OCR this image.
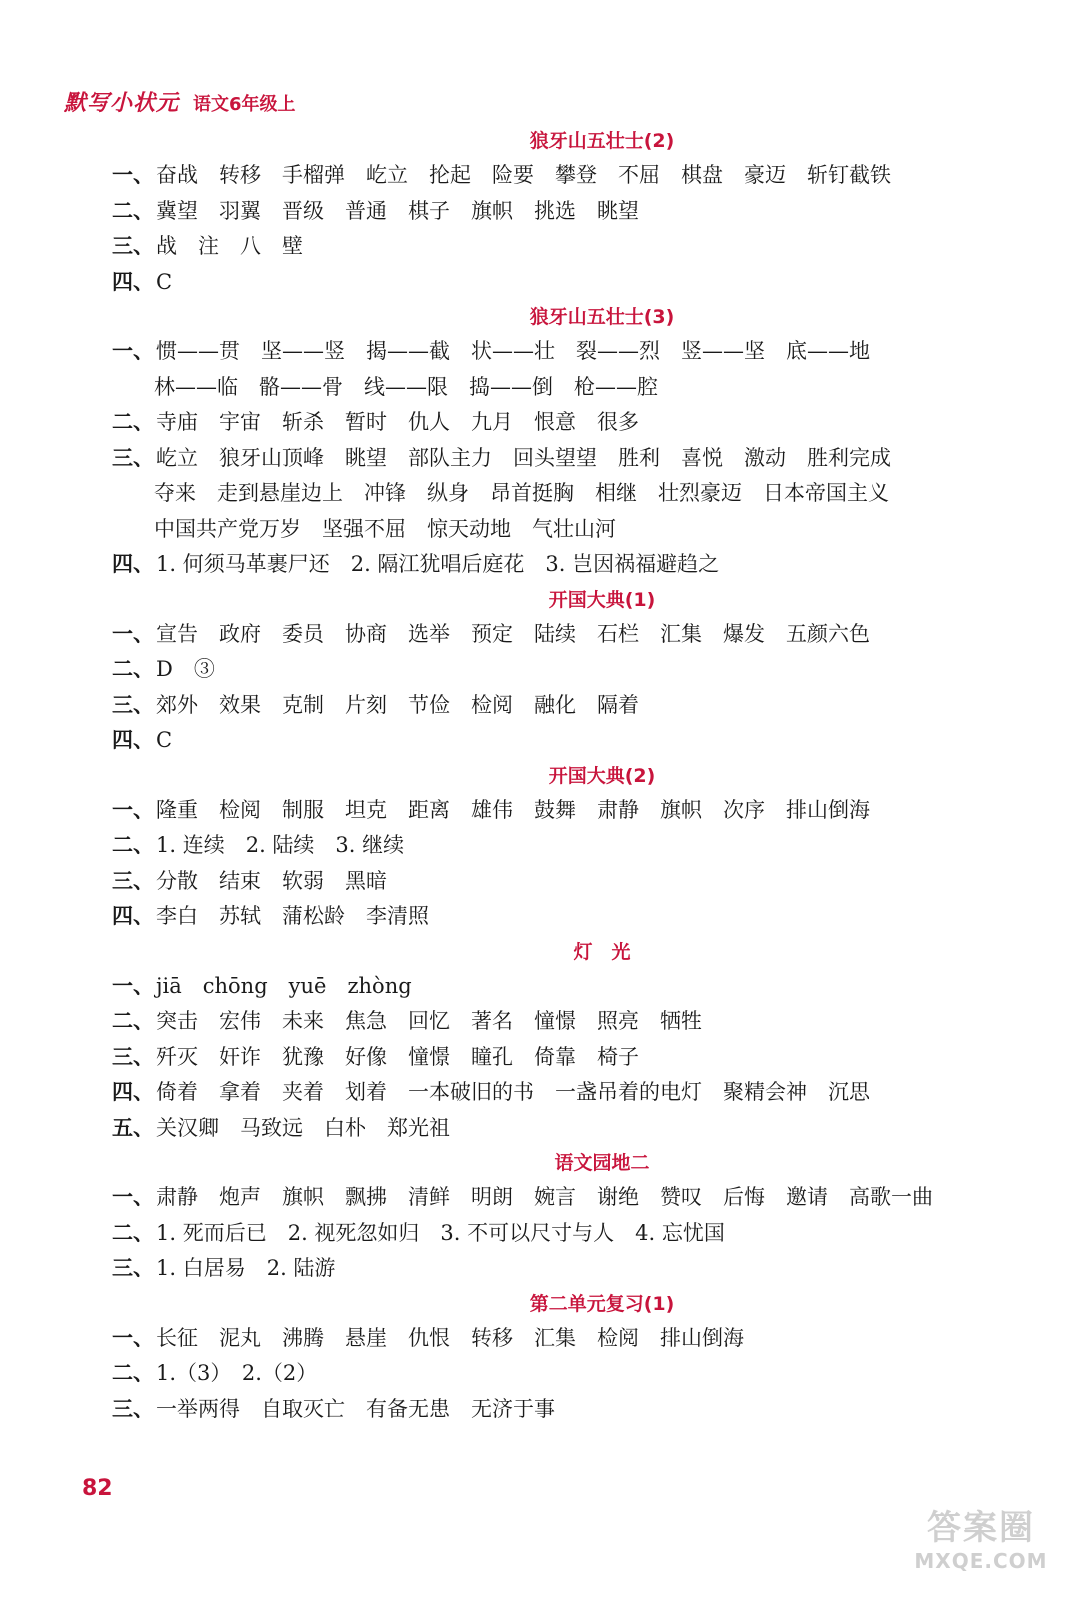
默写小状元 语文6年级上
狼牙山五壮士(2)
一、 奋战　转移　手榴弹　屹立　抡起　险要　攀登　不屈　棋盘　豪迈　斩钉截铁
二、 冀望　羽翼　晋级　普通　棋子　旗帜　挑选　眺望
三、 战　注　八　壁
四、 C
狼牙山五壮士(3)
一、 惯——贯　坚——竖　揭——截　状——壮　裂——烈　竖——坚　底——地
林——临　骼——骨　线——限　捣——倒　枪——腔
二、 寺庙　宇宙　斩杀　暂时　仇人　九月　恨意　很多
三、 屹立　狼牙山顶峰　眺望　部队主力　回头望望　胜利　喜悦　激动　胜利完成
夺来　走到悬崖边上　冲锋　纵身　昂首挺胸　相继　壮烈豪迈　日本帝国主义
中国共产党万岁　坚强不屈　惊天动地　气壮山河
四、 1. 何须马革裹尸还　2. 隔江犹唱后庭花　3. 岂因祸福避趋之
开国大典(1)
一、 宣告　政府　委员　协商　选举　预定　陆续　石栏　汇集　爆发　五颜六色
二、 D　③
三、 郊外　效果　克制　片刻　节俭　检阅　融化　隔着
四、 C
开国大典(2)
一、 隆重　检阅　制服　坦克　距离　雄伟　鼓舞　肃静　旗帜　次序　排山倒海
二、 1. 连续　2. 陆续　3. 继续
三、 分散　结束　软弱　黑暗
四、 李白　苏轼　蒲松龄　李清照
灯　光
一、 jiā　chōng　yuē　zhòng
二、 突击　宏伟　未来　焦急　回忆　著名　憧憬　照亮　牺牲
三、 歼灭　奸诈　犹豫　好像　憧憬　瞳孔　倚靠　椅子
四、 倚着　拿着　夹着　划着　一本破旧的书　一盏吊着的电灯　聚精会神　沉思
五、 关汉卿　马致远　白朴　郑光祖
语文园地二
一、 肃静　炮声　旗帜　飘拂　清鲜　明朗　婉言　谢绝　赞叹　后悔　邀请　高歌一曲
二、 1. 死而后已　2. 视死忽如归　3. 不可以尺寸与人　4. 忘忧国
三、 1. 白居易　2. 陆游
第二单元复习(1)
一、 长征　泥丸　沸腾　悬崖　仇恨　转移　汇集　检阅　排山倒海
二、 1.（3）　2.（2）
三、 一举两得　自取灭亡　有备无患　无济于事
82
答案圈
MXQE.COM
